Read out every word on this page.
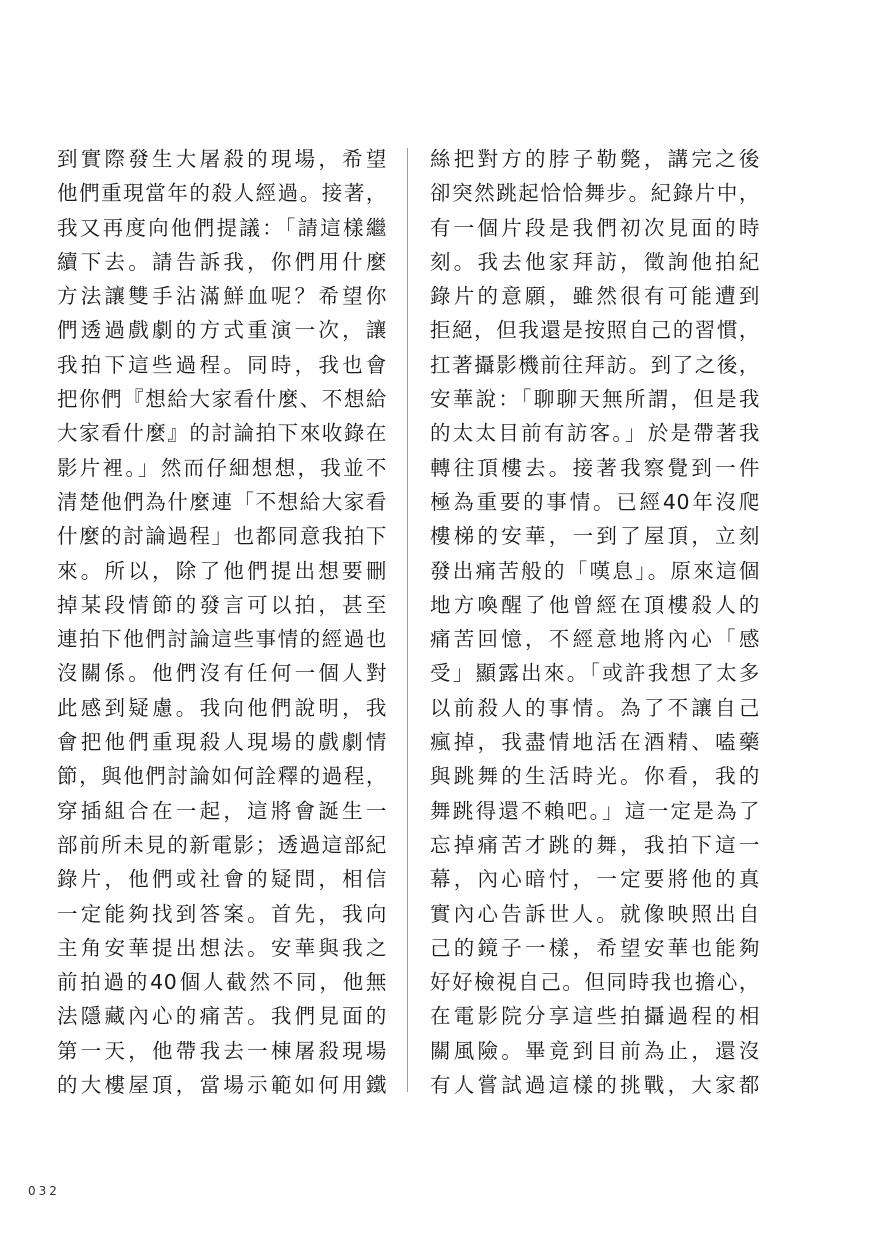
到實際發生大屠殺的現場，希望
他們重現當年的殺人經過。接著，
我又再度向他們提議：「請這樣繼
續下去。請告訴我，你們用什麼
方法讓雙手沾滿鮮血呢？希望你
們透過戲劇的方式重演一次，讓
我拍下這些過程。同時，我也會
把你們『想給大家看什麼、不想給
大家看什麼』的討論拍下來收錄在
影片裡。」然而仔細想想，我並不
清楚他們為什麼連「不想給大家看
什麼的討論過程」也都同意我拍下
來。所以，除了他們提出想要刪
掉某段情節的發言可以拍，甚至
連拍下他們討論這些事情的經過也
沒關係。他們沒有任何一個人對
此感到疑慮。我向他們說明，我
會把他們重現殺人現場的戲劇情
節，與他們討論如何詮釋的過程，
穿插組合在一起，這將會誕生一
部前所未見的新電影；透過這部紀
錄片，他們或社會的疑問，相信
一定能夠找到答案。首先，我向
主角安華提出想法。安華與我之
前拍過的40個人截然不同，他無
法隱藏內心的痛苦。我們見面的
第一天，他帶我去一棟屠殺現場
的大樓屋頂，當場示範如何用鐵
絲把對方的脖子勒斃，講完之後
卻突然跳起恰恰舞步。紀錄片中，
有一個片段是我們初次見面的時
刻。我去他家拜訪，徵詢他拍紀
錄片的意願，雖然很有可能遭到
拒絕，但我還是按照自己的習慣，
扛著攝影機前往拜訪。到了之後，
安華說：「聊聊天無所謂，但是我
的太太目前有訪客。」於是帶著我
轉往頂樓去。接著我察覺到一件
極為重要的事情。已經40年沒爬
樓梯的安華，一到了屋頂，立刻
發出痛苦般的「嘆息」。原來這個
地方喚醒了他曾經在頂樓殺人的
痛苦回憶，不經意地將內心「感
受」顯露出來。「或許我想了太多
以前殺人的事情。為了不讓自己
瘋掉，我盡情地活在酒精、嗑藥
與跳舞的生活時光。你看，我的
舞跳得還不賴吧。」這一定是為了
忘掉痛苦才跳的舞，我拍下這一
幕，內心暗忖，一定要將他的真
實內心告訴世人。就像映照出自
己的鏡子一樣，希望安華也能夠
好好檢視自己。但同時我也擔心，
在電影院分享這些拍攝過程的相
關風險。畢竟到目前為止，還沒
有人嘗試過這樣的挑戰，大家都
032
